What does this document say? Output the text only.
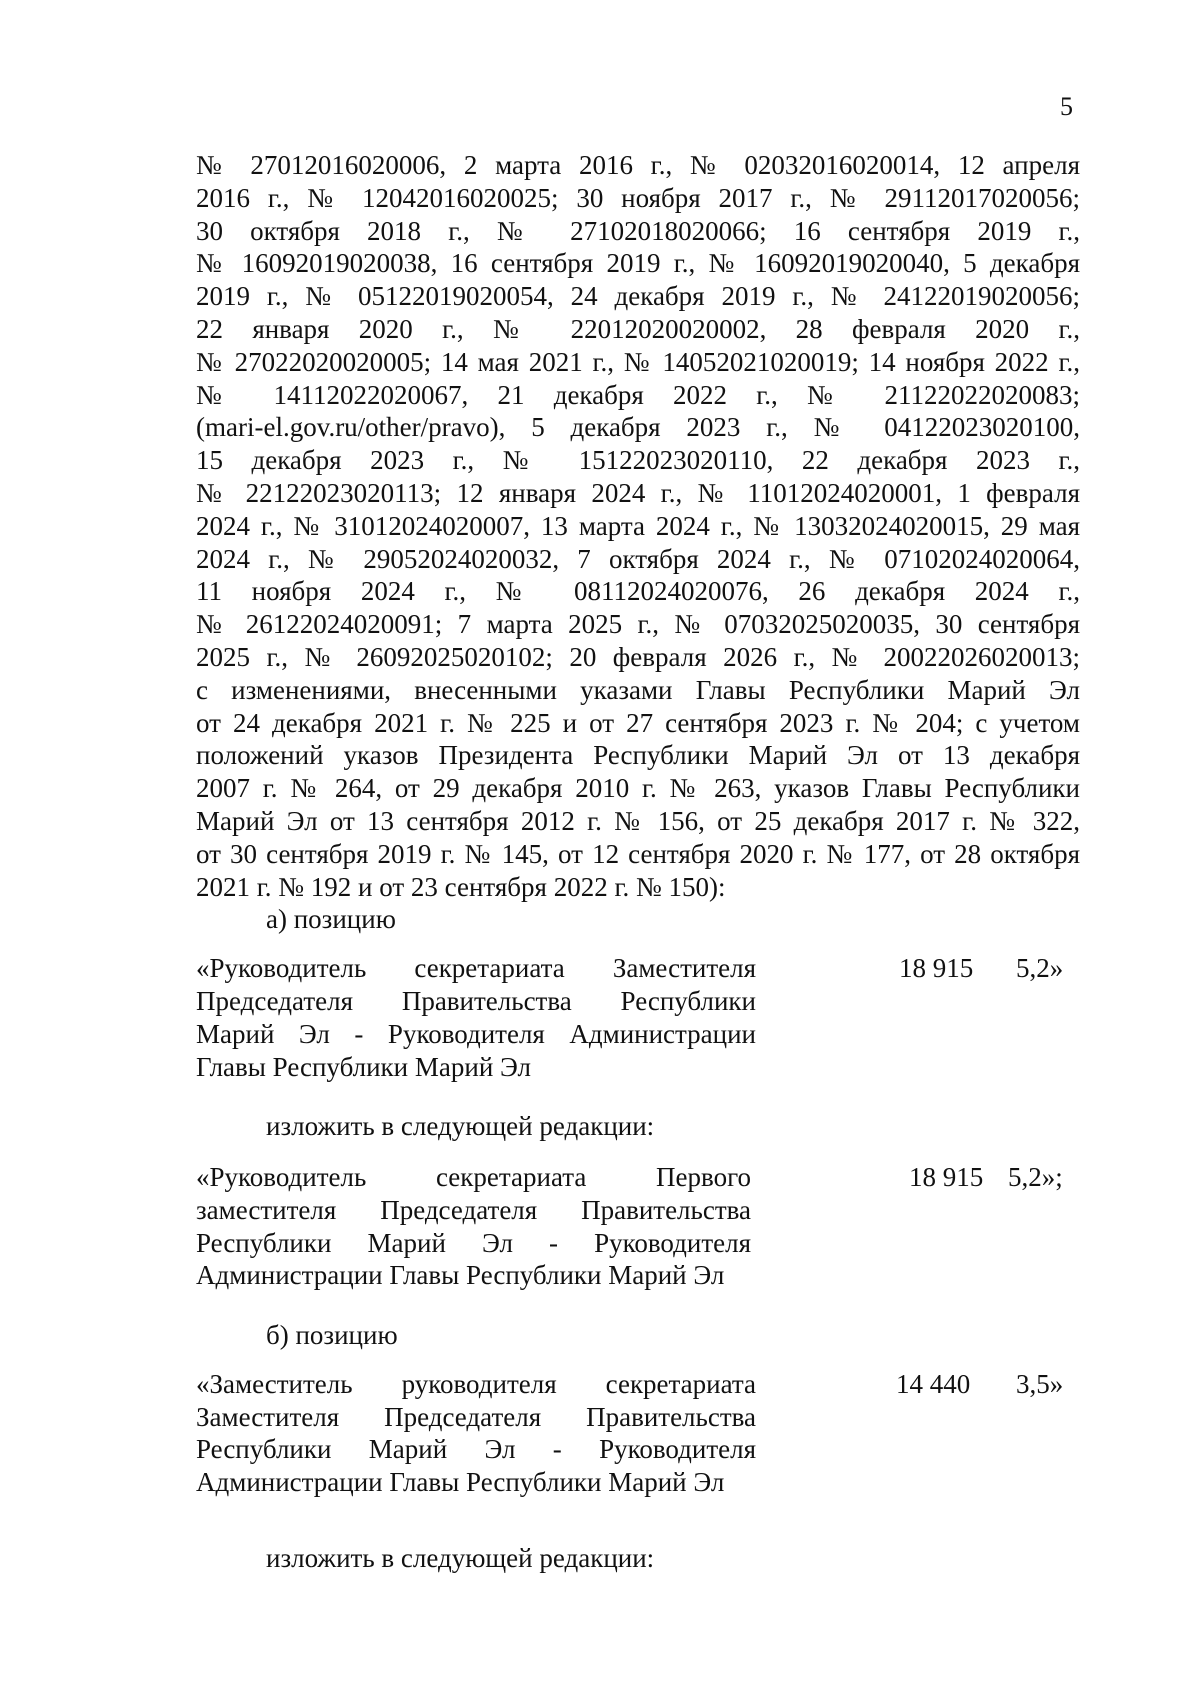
5
№ 27012016020006, 2 марта 2016 г., № 02032016020014, 12 апреля
2016 г., № 12042016020025; 30 ноября 2017 г., № 29112017020056;
30 октября 2018 г., № 27102018020066; 16 сентября 2019 г.,
№ 16092019020038, 16 сентября 2019 г., № 16092019020040, 5 декабря
2019 г., № 05122019020054, 24 декабря 2019 г., № 24122019020056;
22 января 2020 г., № 22012020020002, 28 февраля 2020 г.,
№ 27022020020005; 14 мая 2021 г., № 14052021020019; 14 ноября 2022 г.,
№ 14112022020067, 21 декабря 2022 г., № 21122022020083;
(mari-el.gov.ru/other/pravo), 5 декабря 2023 г., № 04122023020100,
15 декабря 2023 г., № 15122023020110, 22 декабря 2023 г.,
№ 22122023020113; 12 января 2024 г., № 11012024020001, 1 февраля
2024 г., № 31012024020007, 13 марта 2024 г., № 13032024020015, 29 мая
2024 г., № 29052024020032, 7 октября 2024 г., № 07102024020064,
11 ноября 2024 г., № 08112024020076, 26 декабря 2024 г.,
№ 26122024020091; 7 марта 2025 г., № 07032025020035, 30 сентября
2025 г., № 26092025020102; 20 февраля 2026 г., № 20022026020013;
с изменениями, внесенными указами Главы Республики Марий Эл
от 24 декабря 2021 г. № 225 и от 27 сентября 2023 г. № 204; с учетом
положений указов Президента Республики Марий Эл от 13 декабря
2007 г. № 264, от 29 декабря 2010 г. № 263, указов Главы Республики
Марий Эл от 13 сентября 2012 г. № 156, от 25 декабря 2017 г. № 322,
от 30 сентября 2019 г. № 145, от 12 сентября 2020 г. № 177, от 28 октября
2021 г. № 192 и от 23 сентября 2022 г. № 150):
а) позицию
«Руководитель секретариата Заместителя
Председателя Правительства Республики
Марий Эл - Руководителя Администрации
Главы Республики Марий Эл
18 915 5,2»
изложить в следующей редакции:
«Руководитель секретариата Первого
заместителя Председателя Правительства
Республики Марий Эл - Руководителя
Администрации Главы Республики Марий Эл
18 915 5,2»;
б) позицию
«Заместитель руководителя секретариата
Заместителя Председателя Правительства
Республики Марий Эл - Руководителя
Администрации Главы Республики Марий Эл
14 440 3,5»
изложить в следующей редакции:
